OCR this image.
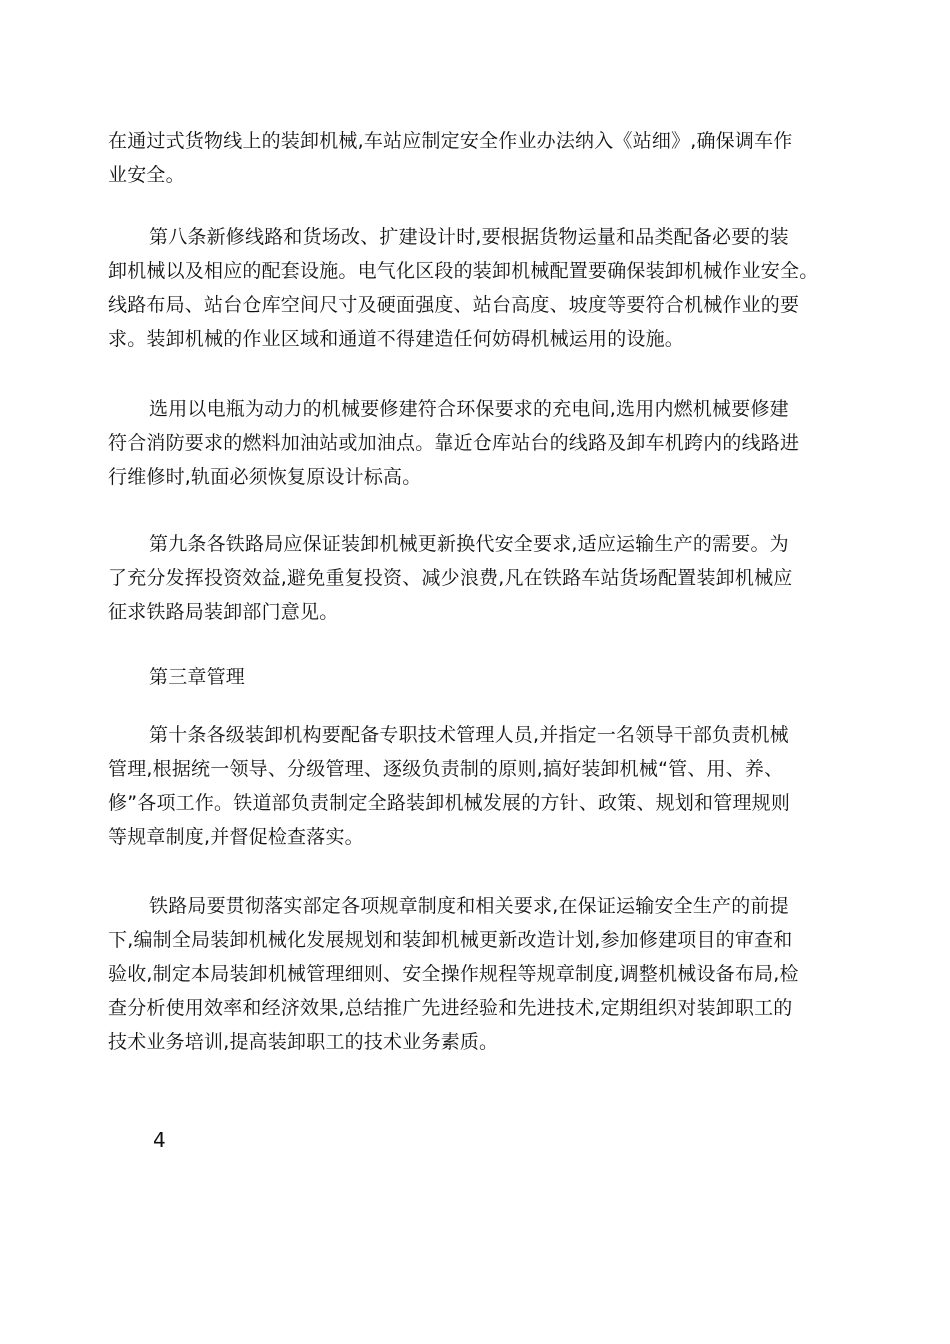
在通过式货物线上的装卸机械,车站应制定安全作业办法纳入《站细》,确保调车作
业安全。

第八条新修线路和货场改、扩建设计时,要根据货物运量和品类配备必要的装
卸机械以及相应的配套设施。电气化区段的装卸机械配置要确保装卸机械作业安全。
线路布局、站台仓库空间尺寸及硬面强度、站台高度、坡度等要符合机械作业的要
求。装卸机械的作业区域和通道不得建造任何妨碍机械运用的设施。

选用以电瓶为动力的机械要修建符合环保要求的充电间,选用内燃机械要修建
符合消防要求的燃料加油站或加油点。靠近仓库站台的线路及卸车机跨内的线路进
行维修时,轨面必须恢复原设计标高。

第九条各铁路局应保证装卸机械更新换代安全要求,适应运输生产的需要。为
了充分发挥投资效益,避免重复投资、减少浪费,凡在铁路车站货场配置装卸机械应
征求铁路局装卸部门意见。

第三章管理

第十条各级装卸机构要配备专职技术管理人员,并指定一名领导干部负责机械
管理,根据统一领导、分级管理、逐级负责制的原则,搞好装卸机械“管、用、养、
修”各项工作。铁道部负责制定全路装卸机械发展的方针、政策、规划和管理规则
等规章制度,并督促检查落实。

铁路局要贯彻落实部定各项规章制度和相关要求,在保证运输安全生产的前提
下,编制全局装卸机械化发展规划和装卸机械更新改造计划,参加修建项目的审查和
验收,制定本局装卸机械管理细则、安全操作规程等规章制度,调整机械设备布局,检
查分析使用效率和经济效果,总结推广先进经验和先进技术,定期组织对装卸职工的
技术业务培训,提高装卸职工的技术业务素质。

4
